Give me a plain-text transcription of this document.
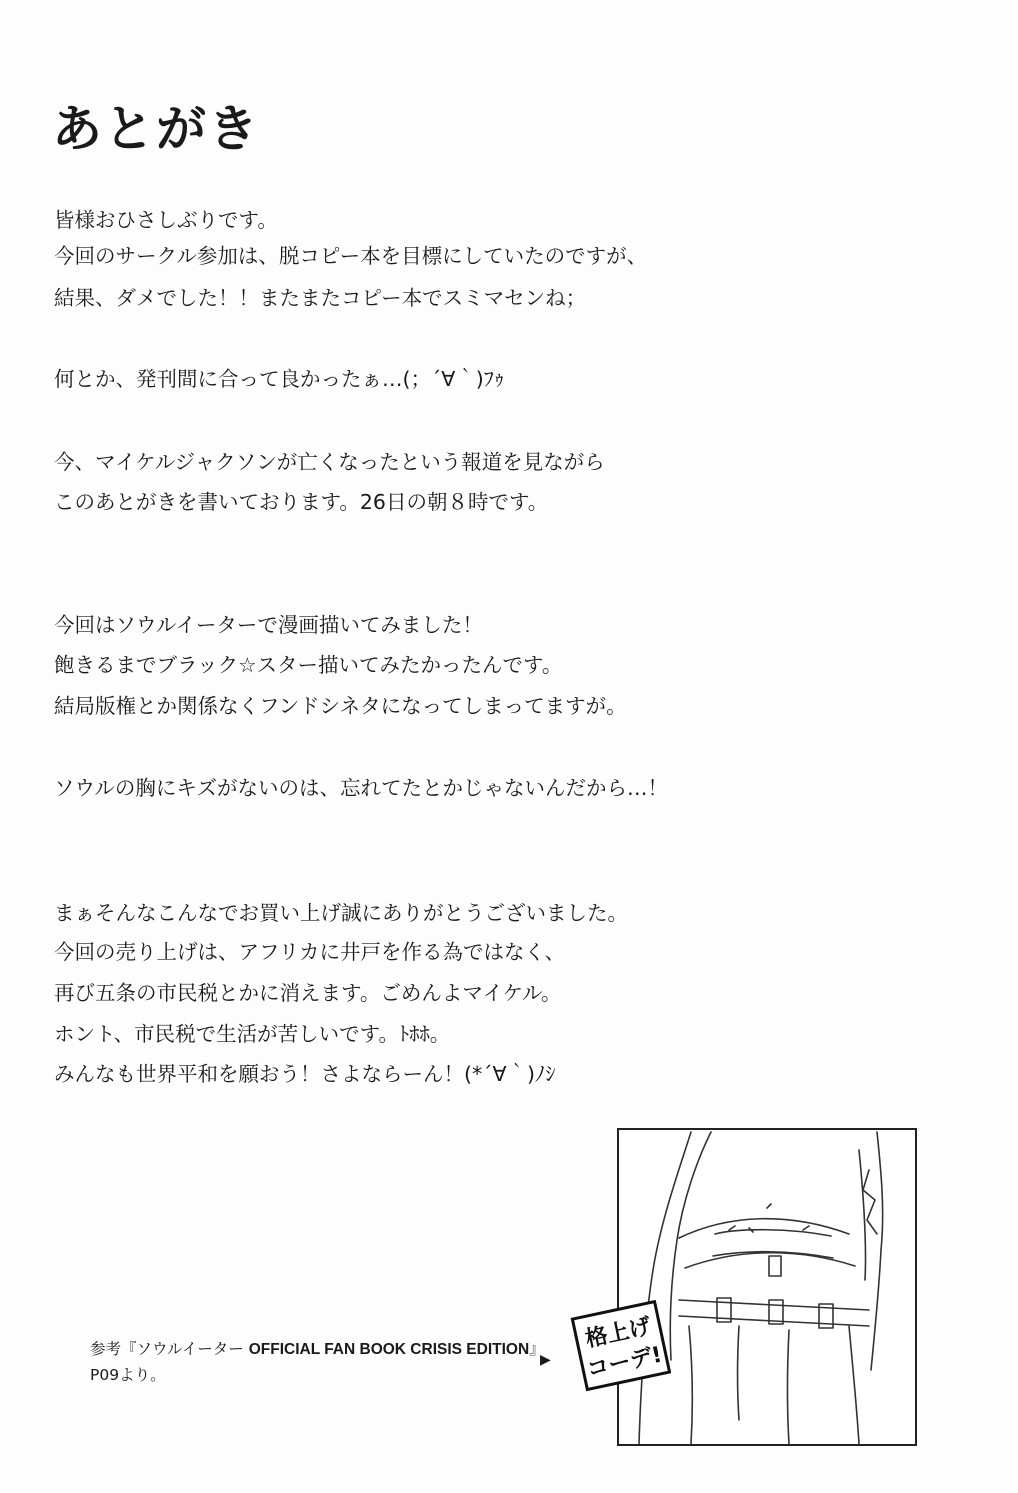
あとがき

皆様おひさしぶりです。

今回のサークル参加は、脱コピー本を目標にしていたのですが、

結果、ダメでした！！またまたコピー本でスミマセンね；

何とか、発刊間に合って良かったぁ…(；´∀｀)ﾌｩ

今、マイケルジャクソンが亡くなったという報道を見ながら

このあとがきを書いております。26日の朝８時です。

今回はソウルイーターで漫画描いてみました！

飽きるまでブラック☆スター描いてみたかったんです。

結局版権とか関係なくフンドシネタになってしまってますが。

ソウルの胸にキズがないのは、忘れてたとかじゃないんだから…！

まぁそんなこんなでお買い上げ誠にありがとうございました。

今回の売り上げは、アフリカに井戸を作る為ではなく、

再び五条の市民税とかに消えます。ごめんよマイケル。

ホント、市民税で生活が苦しいです。ﾄﾎﾎ。

みんなも世界平和を願おう！さよならーん！(*´∀｀)ﾉｼ

格上げ
コーデ!
▶

参考『ソウルイーター OFFICIAL FAN BOOK CRISIS EDITION』

P09より。
